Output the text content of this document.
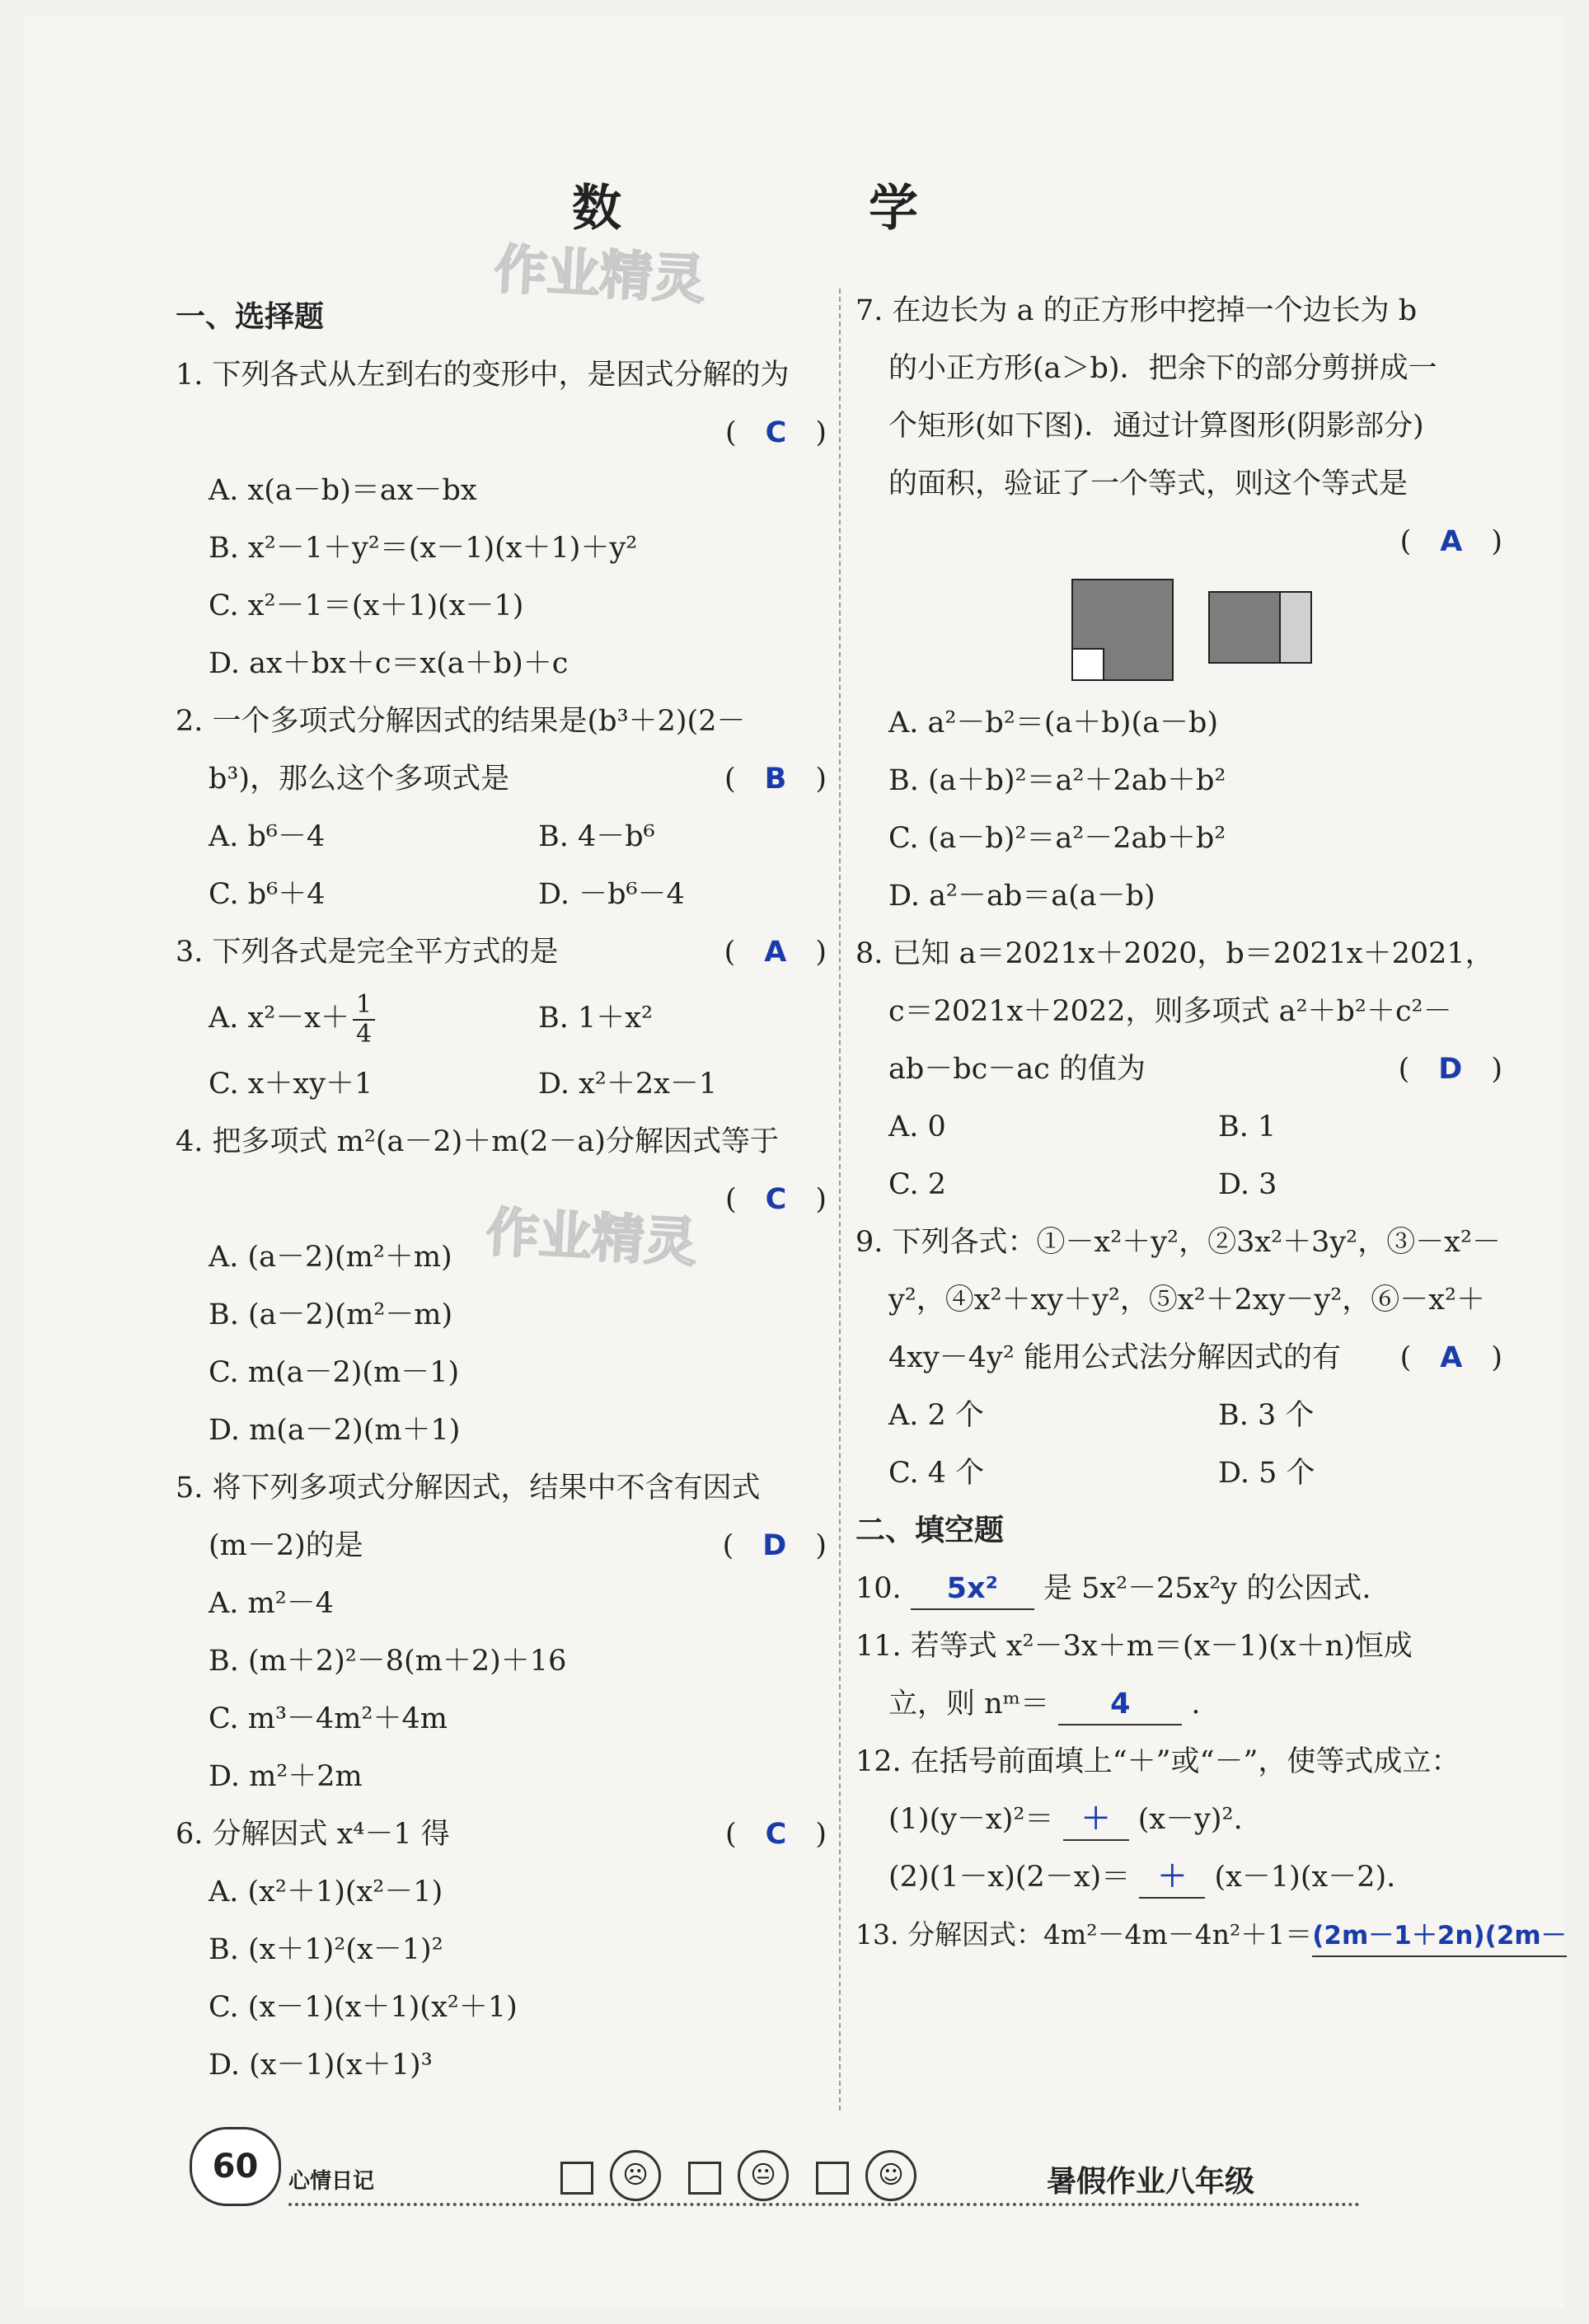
数　学
作业精灵
作业精灵
一、选择题
1. 下列各式从左到右的变形中，是因式分解的为
(　C　)
A. x(a－b)＝ax－bx
B. x²－1＋y²＝(x－1)(x＋1)＋y²
C. x²－1＝(x＋1)(x－1)
D. ax＋bx＋c＝x(a＋b)＋c
2. 一个多项式分解因式的结果是(b³＋2)(2－
b³)，那么这个多项式是	(　B　)
A. b⁶－4	B. 4－b⁶
C. b⁶＋4	D. －b⁶－4
3. 下列各式是完全平方式的是	(　A　)
A. $x^2-x+ \frac{1}{4}$	B. 1＋x²
C. x＋xy＋1	D. x²＋2x－1
4. 把多项式 m²(a－2)＋m(2－a)分解因式等于
(　C　)
A. (a－2)(m²＋m)
B. (a－2)(m²－m)
C. m(a－2)(m－1)
D. m(a－2)(m＋1)
5. 将下列多项式分解因式，结果中不含有因式
(m－2)的是	(　D　)
A. m²－4
B. (m＋2)²－8(m＋2)＋16
C. m³－4m²＋4m
D. m²＋2m
6. 分解因式 x⁴－1 得	(　C　)
A. (x²＋1)(x²－1)
B. (x＋1)²(x－1)²
C. (x－1)(x＋1)(x²＋1)
D. (x－1)(x＋1)³
7. 在边长为 a 的正方形中挖掉一个边长为 b
的小正方形(a＞b)．把余下的部分剪拼成一
个矩形(如下图)．通过计算图形(阴影部分)
的面积，验证了一个等式，则这个等式是
(　A　)
A. a²－b²＝(a＋b)(a－b)
B. (a＋b)²＝a²＋2ab＋b²
C. (a－b)²＝a²－2ab＋b²
D. a²－ab＝a(a－b)
8. 已知 a＝2021x＋2020，b＝2021x＋2021，
c＝2021x＋2022，则多项式 a²＋b²＋c²－
ab－bc－ac 的值为	(　D　)
A. 0	B. 1
C. 2	D. 3
9. 下列各式：①－x²＋y²，②3x²＋3y²，③－x²－
y²，④x²＋xy＋y²，⑤x²＋2xy－y²，⑥－x²＋
4xy－4y² 能用公式法分解因式的有 (　A　)
A. 2 个	B. 3 个
C. 4 个	D. 5 个
二、填空题
10. 5x² 是 5x²－25x²y 的公因式.
11. 若等式 x²－3x＋m＝(x－1)(x＋n)恒成
立，则 nᵐ＝ 4 .
12. 在括号前面填上“＋”或“－”，使等式成立：
(1)(y－x)²＝ ＋ (x－y)².
(2)(1－x)(2－x)＝ ＋ (x－1)(x－2).
13. 分解因式：4m²－4m－4n²＋1＝(2m－1＋2n)(2m－
60	心情日记	☹	😐	☺	暑假作业八年级
